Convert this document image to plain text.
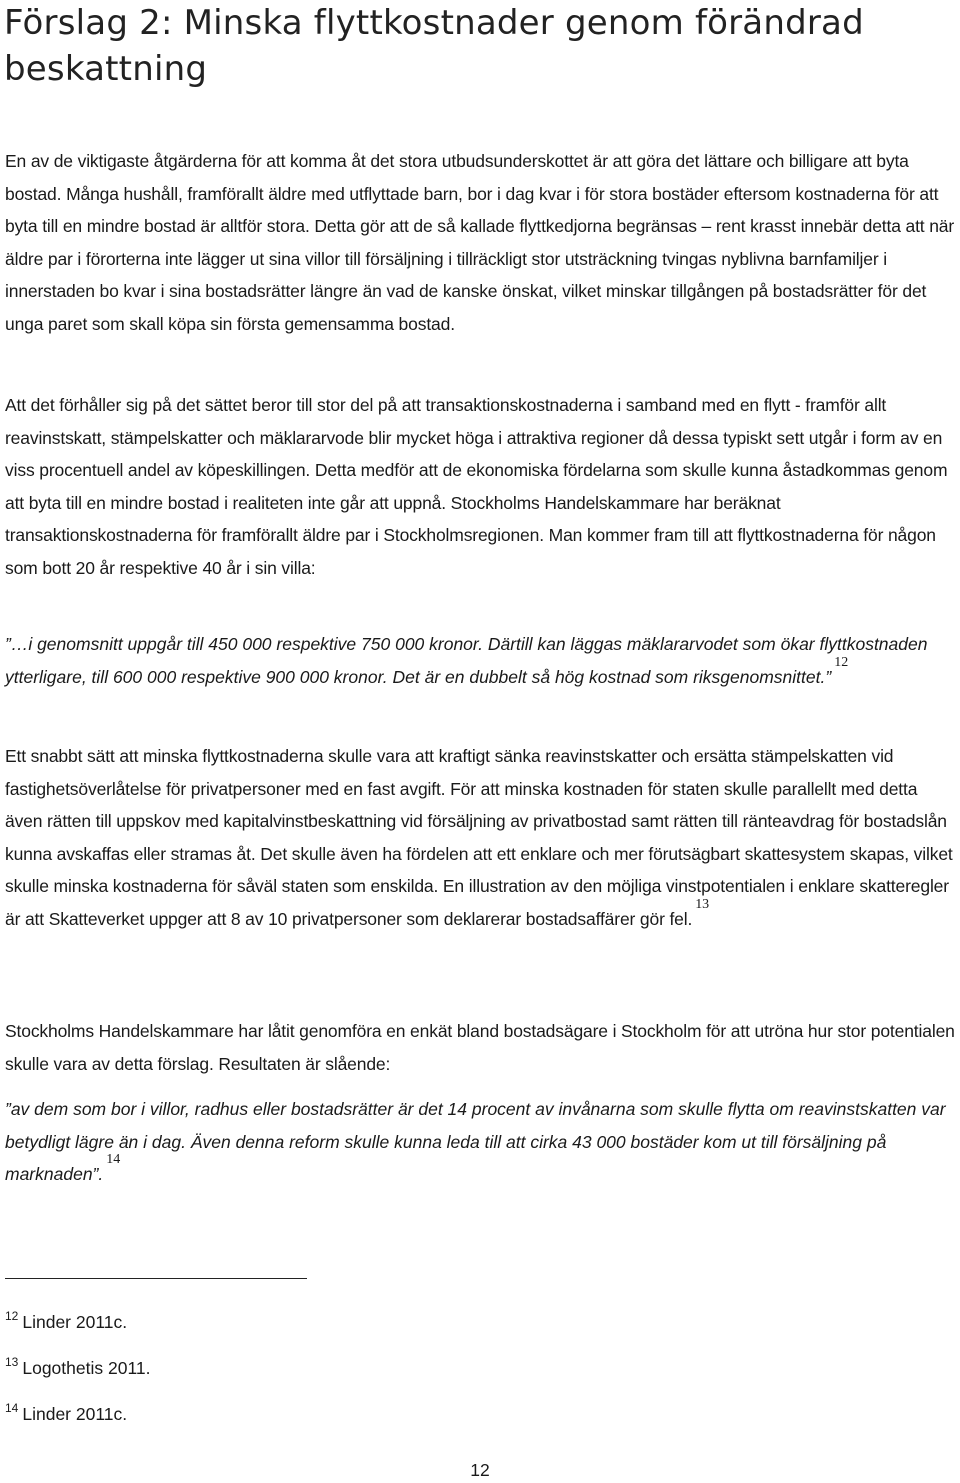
Förslag 2: Minska flyttkostnader genom förändrad beskattning

En av de viktigaste åtgärderna för att komma åt det stora utbudsunderskottet är att göra det lättare och billigare att byta bostad. Många hushåll, framförallt äldre med utflyttade barn, bor i dag kvar i för stora bostäder eftersom kostnaderna för att byta till en mindre bostad är alltför stora. Detta gör att de så kallade flyttkedjorna begränsas – rent krasst innebär detta att när äldre par i förorterna inte lägger ut sina villor till försäljning i tillräckligt stor utsträckning tvingas nyblivna barnfamiljer i innerstaden bo kvar i sina bostadsrätter längre än vad de kanske önskat, vilket minskar tillgången på bostadsrätter för det unga paret som skall köpa sin första gemensamma bostad.

Att det förhåller sig på det sättet beror till stor del på att transaktionskostnaderna i samband med en flytt - framför allt reavinstskatt, stämpelskatter och mäklararvode blir mycket höga i attraktiva regioner då dessa typiskt sett utgår i form av en viss procentuell andel av köpeskillingen. Detta medför att de ekonomiska fördelarna som skulle kunna åstadkommas genom att byta till en mindre bostad i realiteten inte går att uppnå. Stockholms Handelskammare har beräknat transaktionskostnaderna för framförallt äldre par i Stockholmsregionen. Man kommer fram till att flyttkostnaderna för någon som bott 20 år respektive 40 år i sin villa:

”…i genomsnitt uppgår till 450 000 respektive 750 000 kronor. Därtill kan läggas mäklararvodet som ökar flyttkostnaden ytterligare, till 600 000 respektive 900 000 kronor. Det är en dubbelt så hög kostnad som riksgenomsnittet.”$^{12}$

Ett snabbt sätt att minska flyttkostnaderna skulle vara att kraftigt sänka reavinstskatter och ersätta stämpelskatten vid fastighetsöverlåtelse för privatpersoner med en fast avgift. För att minska kostnaden för staten skulle parallellt med detta även rätten till uppskov med kapitalvinstbeskattning vid försäljning av privatbostad samt rätten till ränteavdrag för bostadslån kunna avskaffas eller stramas åt. Det skulle även ha fördelen att ett enklare och mer förutsägbart skattesystem skapas, vilket skulle minska kostnaderna för såväl staten som enskilda. En illustration av den möjliga vinstpotentialen i enklare skatteregler är att Skatteverket uppger att 8 av 10 privatpersoner som deklarerar bostadsaffärer gör fel.$^{13}$

Stockholms Handelskammare har låtit genomföra en enkät bland bostadsägare i Stockholm för att utröna hur stor potentialen skulle vara av detta förslag. Resultaten är slående:

”av dem som bor i villor, radhus eller bostadsrätter är det 14 procent av invånarna som skulle flytta om reavinstskatten var betydligt lägre än i dag. Även denna reform skulle kunna leda till att cirka 43 000 bostäder kom ut till försäljning på marknaden”.$^{14}$

$^{12}$ Linder 2011c.

$^{13}$ Logothetis 2011.

$^{14}$ Linder 2011c.

12
